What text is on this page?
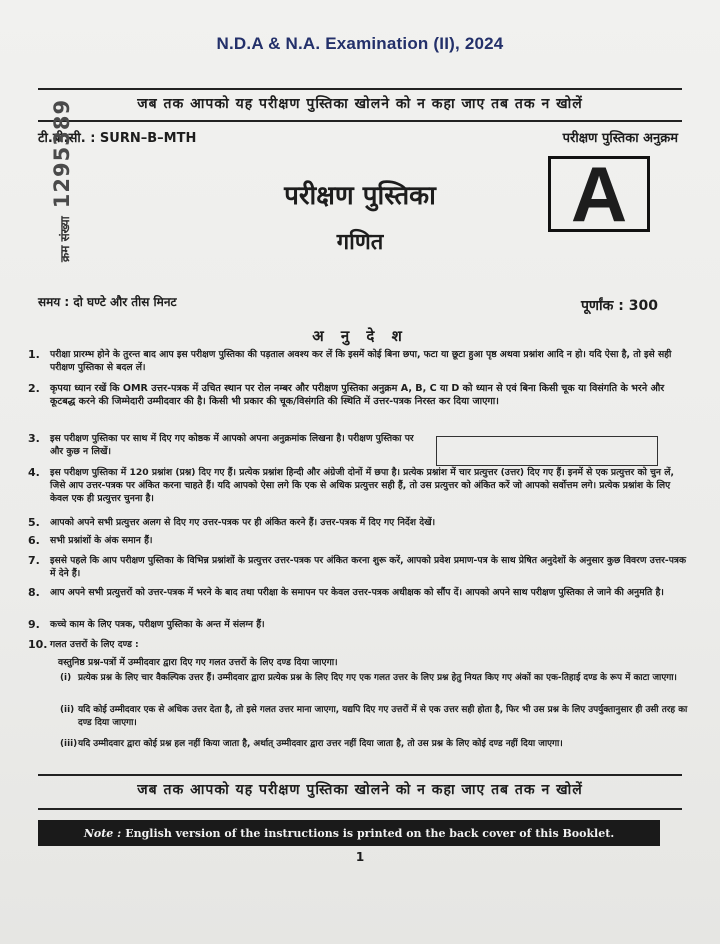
N.D.A & N.A. Examination (II), 2024
जब तक आपको यह परीक्षण पुस्तिका खोलने को न कहा जाए तब तक न खोलें
टी.बी.सी. : SURN–B–MTH	परीक्षण पुस्तिका अनुक्रम
क्रम संख्या
1295389	परीक्षण पुस्तिका
गणित
A
समय : दो घण्टे और तीस मिनट	पूर्णांक : 300
अ नु दे श
1.	परीक्षा प्रारम्भ होने के तुरन्त बाद आप इस परीक्षण पुस्तिका की पड़ताल अवश्य कर लें कि इसमें कोई बिना छपा, फटा या छूटा हुआ पृष्ठ अथवा प्रश्नांश आदि न हो। यदि ऐसा है, तो इसे सही परीक्षण पुस्तिका से बदल लें।
2.	कृपया ध्यान रखें कि OMR उत्तर-पत्रक में उचित स्थान पर रोल नम्बर और परीक्षण पुस्तिका अनुक्रम A, B, C या D को ध्यान से एवं बिना किसी चूक या विसंगति के भरने और कूटबद्ध करने की जिम्मेदारी उम्मीदवार की है। किसी भी प्रकार की चूक/विसंगति की स्थिति में उत्तर-पत्रक निरस्त कर दिया जाएगा।
3.	इस परीक्षण पुस्तिका पर साथ में दिए गए कोष्ठक में आपको अपना अनुक्रमांक लिखना है। परीक्षण पुस्तिका पर और कुछ न लिखें।
4.	इस परीक्षण पुस्तिका में 120 प्रश्नांश (प्रश्न) दिए गए हैं। प्रत्येक प्रश्नांश हिन्दी और अंग्रेजी दोनों में छपा है। प्रत्येक प्रश्नांश में चार प्रत्युत्तर (उत्तर) दिए गए हैं। इनमें से एक प्रत्युत्तर को चुन लें, जिसे आप उत्तर-पत्रक पर अंकित करना चाहते हैं। यदि आपको ऐसा लगे कि एक से अधिक प्रत्युत्तर सही हैं, तो उस प्रत्युत्तर को अंकित करें जो आपको सर्वोत्तम लगे। प्रत्येक प्रश्नांश के लिए केवल एक ही प्रत्युत्तर चुनना है।
5.	आपको अपने सभी प्रत्युत्तर अलग से दिए गए उत्तर-पत्रक पर ही अंकित करने हैं। उत्तर-पत्रक में दिए गए निर्देश देखें।
6.	सभी प्रश्नांशों के अंक समान हैं।
7.	इससे पहले कि आप परीक्षण पुस्तिका के विभिन्न प्रश्नांशों के प्रत्युत्तर उत्तर-पत्रक पर अंकित करना शुरू करें, आपको प्रवेश प्रमाण-पत्र के साथ प्रेषित अनुदेशों के अनुसार कुछ विवरण उत्तर-पत्रक में देने हैं।
8.	आप अपने सभी प्रत्युत्तरों को उत्तर-पत्रक में भरने के बाद तथा परीक्षा के समापन पर केवल उत्तर-पत्रक अधीक्षक को सौंप दें। आपको अपने साथ परीक्षण पुस्तिका ले जाने की अनुमति है।
9.	कच्चे काम के लिए पत्रक, परीक्षण पुस्तिका के अन्त में संलग्न हैं।
10. गलत उत्तरों के लिए दण्ड :
वस्तुनिष्ठ प्रश्न-पत्रों में उम्मीदवार द्वारा दिए गए गलत उत्तरों के लिए दण्ड दिया जाएगा।
(i) प्रत्येक प्रश्न के लिए चार वैकल्पिक उत्तर हैं। उम्मीदवार द्वारा प्रत्येक प्रश्न के लिए दिए गए एक गलत उत्तर के लिए प्रश्न हेतु नियत किए गए अंकों का एक-तिहाई दण्ड के रूप में काटा जाएगा।
(ii) यदि कोई उम्मीदवार एक से अधिक उत्तर देता है, तो इसे गलत उत्तर माना जाएगा, यद्यपि दिए गए उत्तरों में से एक उत्तर सही होता है, फिर भी उस प्रश्न के लिए उपर्युक्तानुसार ही उसी तरह का दण्ड दिया जाएगा।
(iii) यदि उम्मीदवार द्वारा कोई प्रश्न हल नहीं किया जाता है, अर्थात् उम्मीदवार द्वारा उत्तर नहीं दिया जाता है, तो उस प्रश्न के लिए कोई दण्ड नहीं दिया जाएगा।
जब तक आपको यह परीक्षण पुस्तिका खोलने को न कहा जाए तब तक न खोलें
Note : English version of the instructions is printed on the back cover of this Booklet.
1
